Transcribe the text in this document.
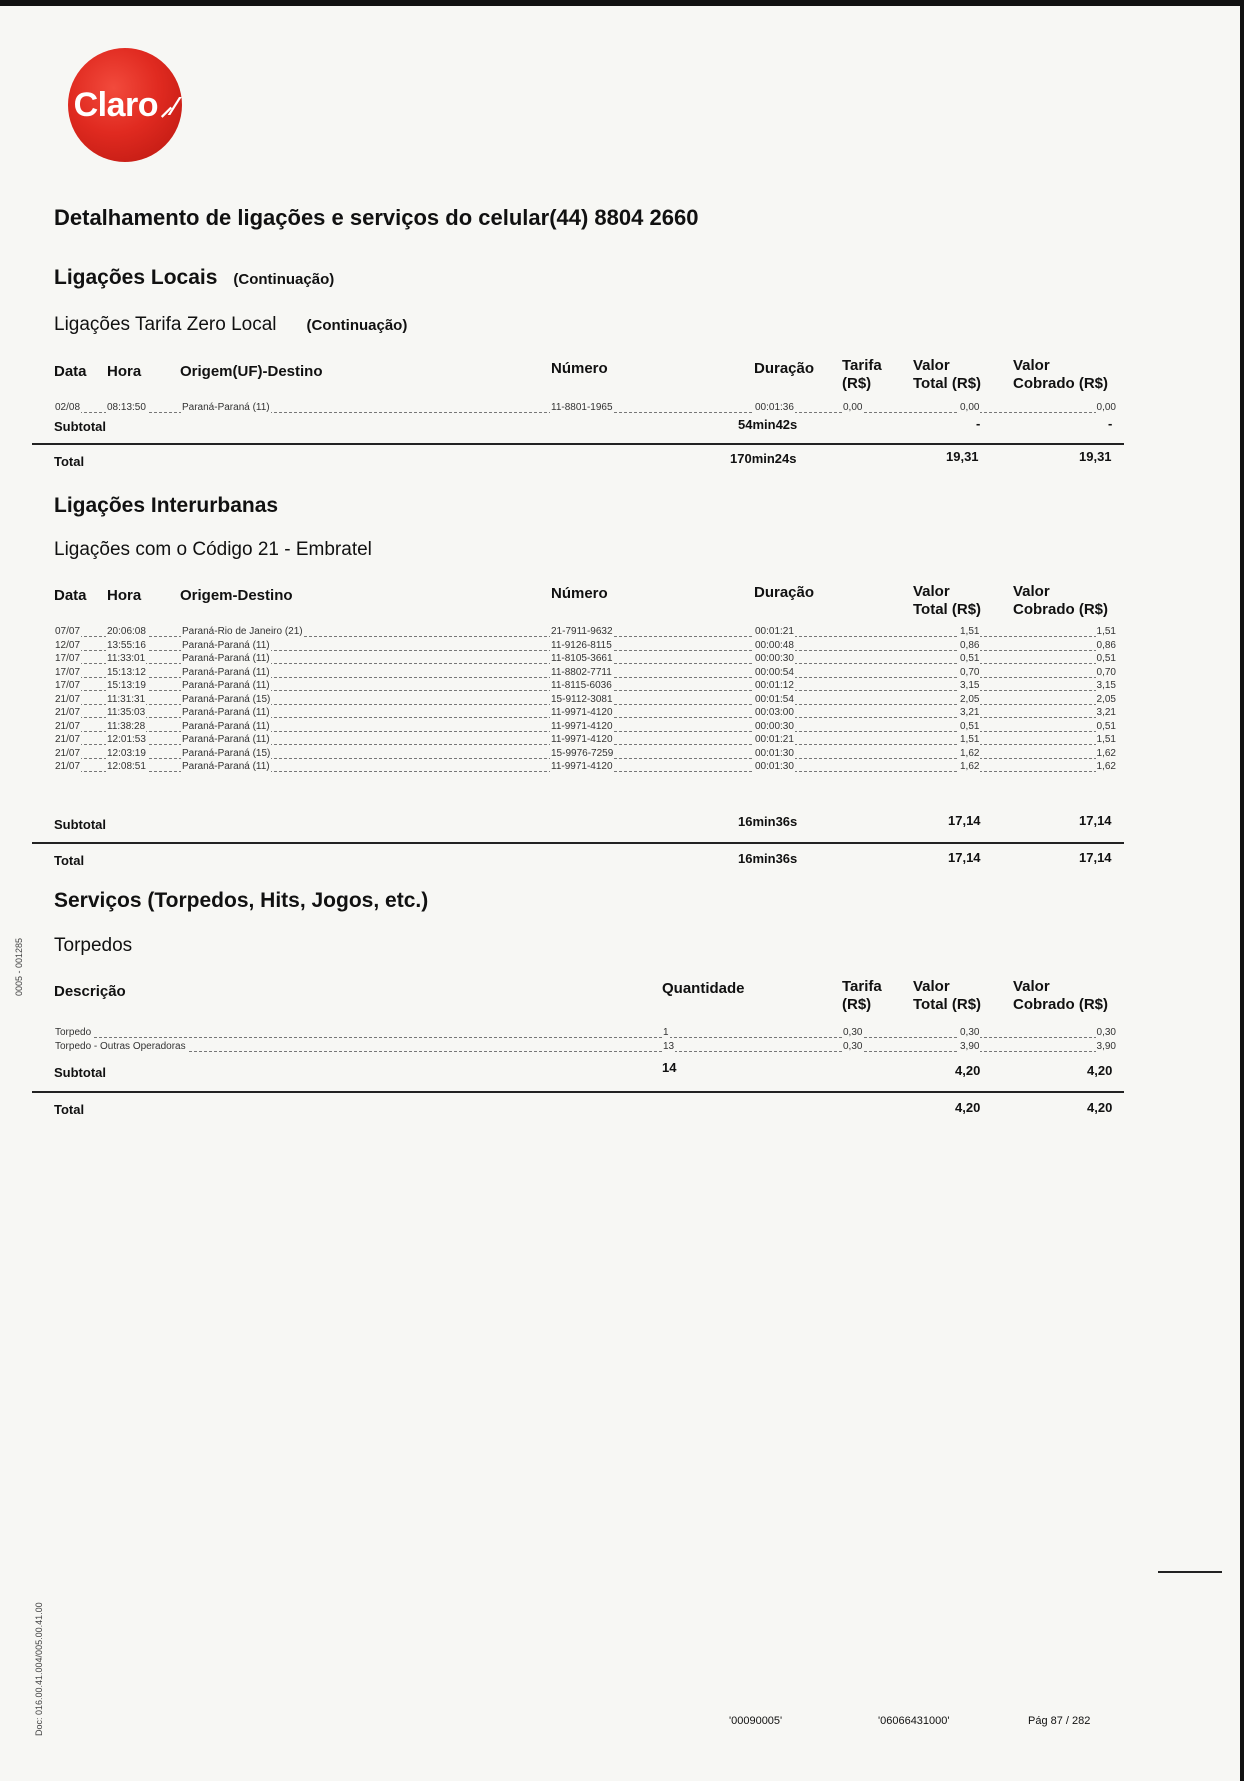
Claro ⸝⁄
Detalhamento de ligações e serviços do celular(44) 8804 2660
Ligações Locais (Continuação)
Ligações Tarifa Zero Local (Continuação)
Data Hora	Origem(UF)-Destino	Número	Duração Tarifa
(R$)
Valor
Total (R$)
Valor
Cobrado (R$)
02/08	08:13:50	Paraná-Paraná (11)	11-8801-1965	00:01:36	0,00	0,00	0,00
Subtotal	54min42s	-	-
Total	170min24s	19,31	19,31
Ligações Interurbanas
Ligações com o Código 21 - Embratel
Data Hora	Origem-Destino	Número	Duração	Valor
Total (R$)
Valor
Cobrado (R$)
07/07	20:06:08	Paraná-Rio de Janeiro (21)	21-7911-9632	00:01:21	1,51	1,51
12/07	13:55:16	Paraná-Paraná (11)	11-9126-8115	00:00:48	0,86	0,86
17/07	11:33:01	Paraná-Paraná (11)	11-8105-3661	00:00:30	0,51	0,51
17/07	15:13:12	Paraná-Paraná (11)	11-8802-7711	00:00:54	0,70	0,70
17/07	15:13:19	Paraná-Paraná (11)	11-8115-6036	00:01:12	3,15	3,15
21/07	11:31:31	Paraná-Paraná (15)	15-9112-3081	00:01:54	2,05	2,05
21/07	11:35:03	Paraná-Paraná (11)	11-9971-4120	00:03:00	3,21	3,21
21/07	11:38:28	Paraná-Paraná (11)	11-9971-4120	00:00:30	0,51	0,51
21/07	12:01:53	Paraná-Paraná (11)	11-9971-4120	00:01:21	1,51	1,51
21/07	12:03:19	Paraná-Paraná (15)	15-9976-7259	00:01:30	1,62	1,62
21/07	12:08:51	Paraná-Paraná (11)	11-9971-4120	00:01:30	1,62	1,62
Subtotal	16min36s	17,14	17,14
Total	16min36s	17,14	17,14
Serviços (Torpedos, Hits, Jogos, etc.)
Torpedos
Descrição	Quantidade	Tarifa
(R$)
Valor
Total (R$)
Valor
Cobrado (R$)
Torpedo	1	0,30	0,30	0,30
Torpedo - Outras Operadoras	13	0,30	3,90	3,90
Subtotal	14	4,20	4,20
Total	4,20	4,20
0005 - 001285
Doc: 016.00.41.004/005.00.41.00	'00090005'	'06066431000'	Pág 87 / 282
